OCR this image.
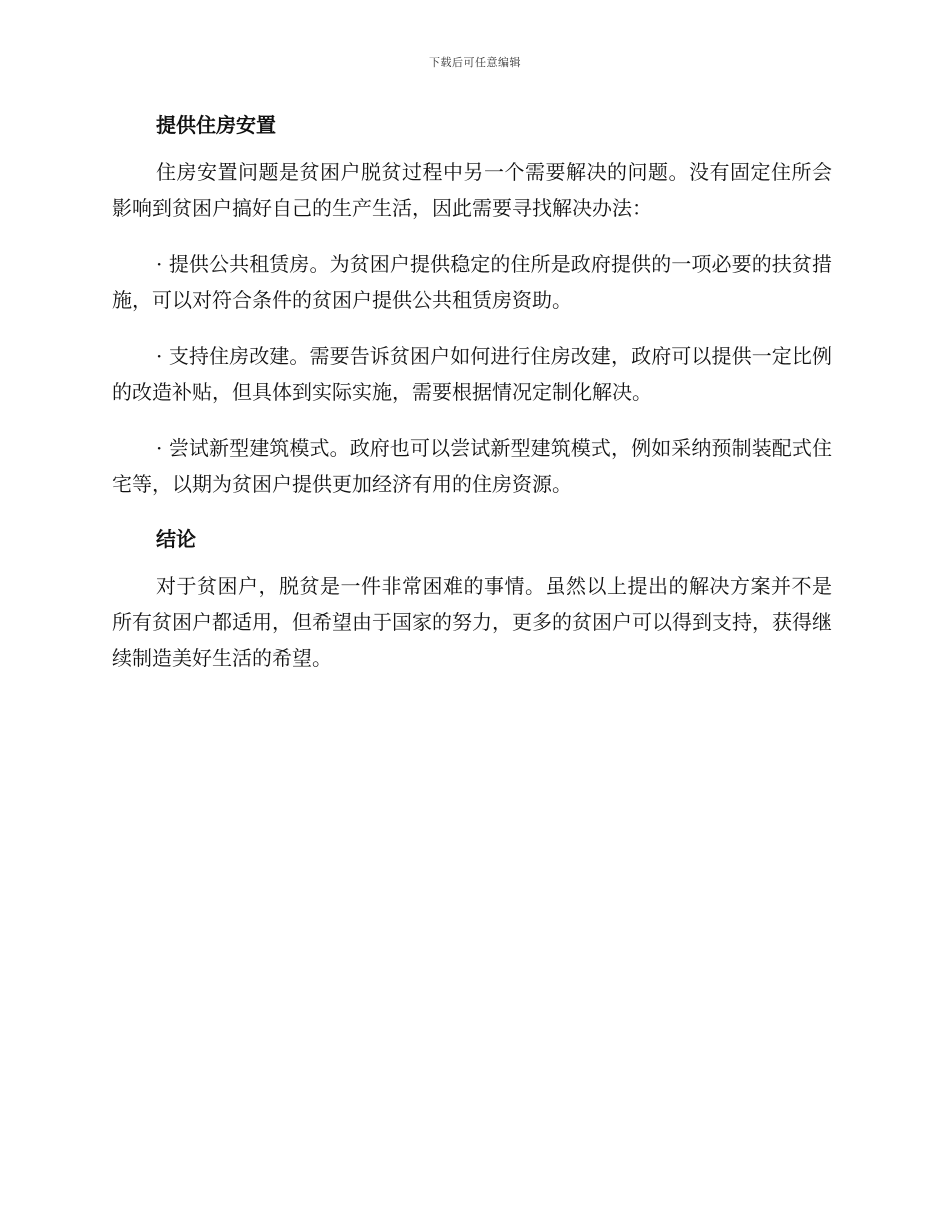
下载后可任意编辑
提供住房安置

住房安置问题是贫困户脱贫过程中另一个需要解决的问题。没有固定住所会影响到贫困户搞好自己的生产生活，因此需要寻找解决办法：

· 提供公共租赁房。为贫困户提供稳定的住所是政府提供的一项必要的扶贫措施，可以对符合条件的贫困户提供公共租赁房资助。

· 支持住房改建。需要告诉贫困户如何进行住房改建，政府可以提供一定比例的改造补贴，但具体到实际实施，需要根据情况定制化解决。

· 尝试新型建筑模式。政府也可以尝试新型建筑模式，例如采纳预制装配式住宅等，以期为贫困户提供更加经济有用的住房资源。

结论

对于贫困户，脱贫是一件非常困难的事情。虽然以上提出的解决方案并不是所有贫困户都适用，但希望由于国家的努力，更多的贫困户可以得到支持，获得继续制造美好生活的希望。
